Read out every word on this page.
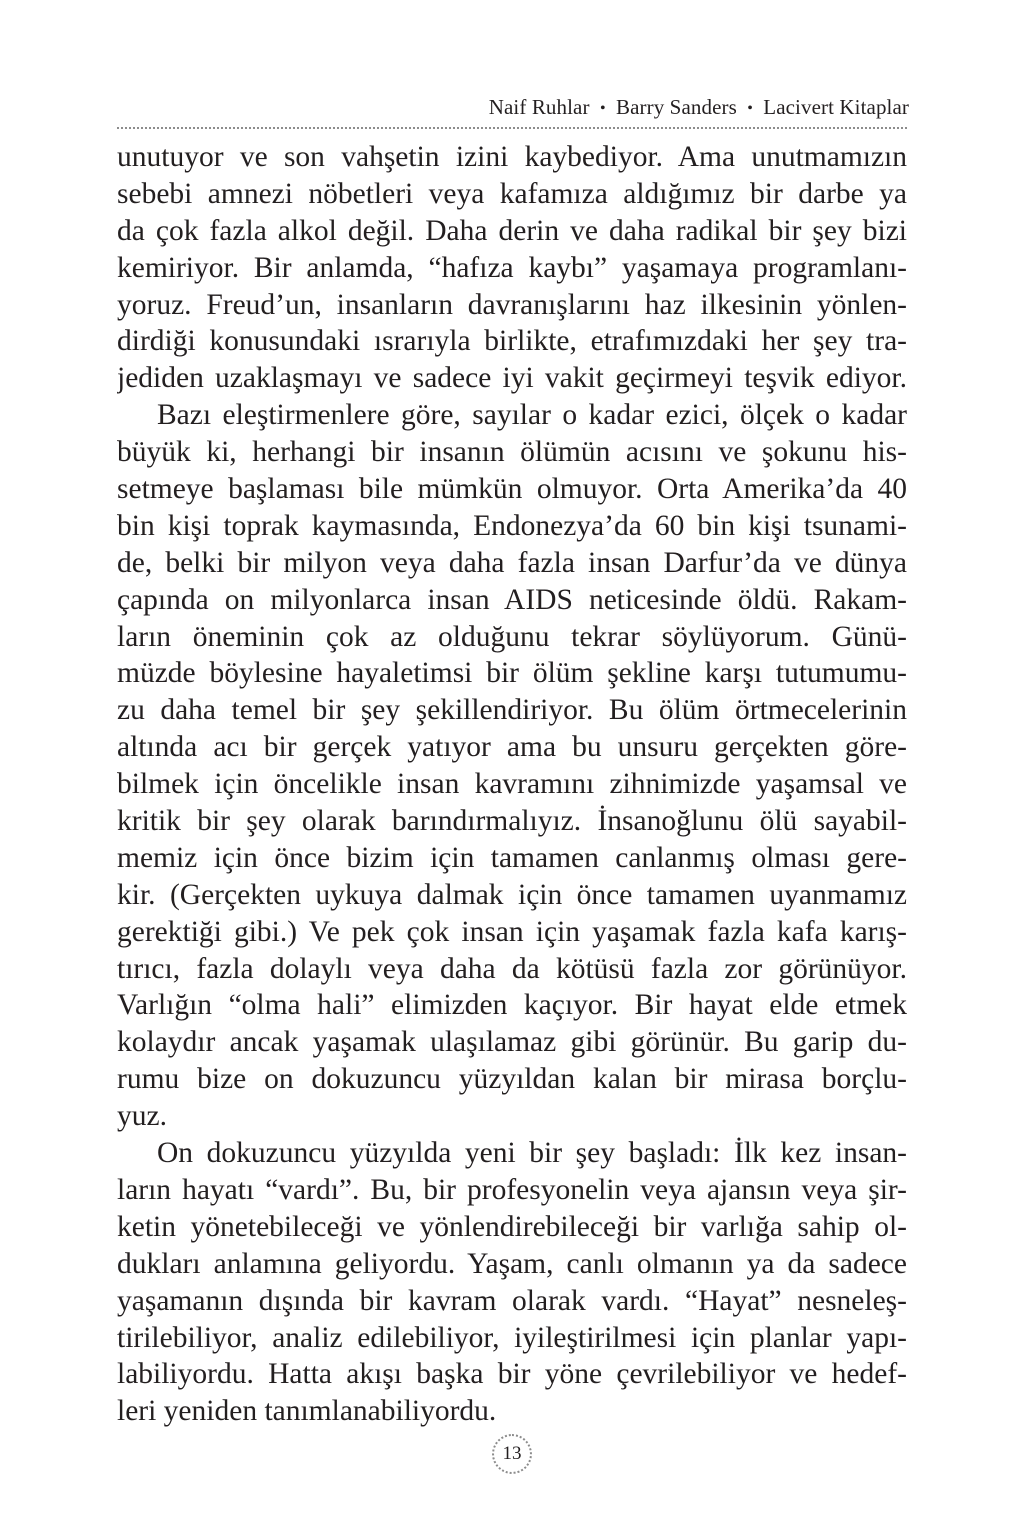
Naif Ruhlar • Barry Sanders • Lacivert Kitaplar
unutuyor ve son vahşetin izini kaybediyor. Ama unutmamızın
sebebi amnezi nöbetleri veya kafamıza aldığımız bir darbe ya
da çok fazla alkol değil. Daha derin ve daha radikal bir şey bizi
kemiriyor. Bir anlamda, “hafıza kaybı” yaşamaya programlanı-
yoruz. Freud’un, insanların davranışlarını haz ilkesinin yönlen-
dirdiği konusundaki ısrarıyla birlikte, etrafımızdaki her şey tra-
jediden uzaklaşmayı ve sadece iyi vakit geçirmeyi teşvik ediyor.
Bazı eleştirmenlere göre, sayılar o kadar ezici, ölçek o kadar
büyük ki, herhangi bir insanın ölümün acısını ve şokunu his-
setmeye başlaması bile mümkün olmuyor. Orta Amerika’da 40
bin kişi toprak kaymasında, Endonezya’da 60 bin kişi tsunami-
de, belki bir milyon veya daha fazla insan Darfur’da ve dünya
çapında on milyonlarca insan AIDS neticesinde öldü. Rakam-
ların öneminin çok az olduğunu tekrar söylüyorum. Günü-
müzde böylesine hayaletimsi bir ölüm şekline karşı tutumumu-
zu daha temel bir şey şekillendiriyor. Bu ölüm örtmecelerinin
altında acı bir gerçek yatıyor ama bu unsuru gerçekten göre-
bilmek için öncelikle insan kavramını zihnimizde yaşamsal ve
kritik bir şey olarak barındırmalıyız. İnsanoğlunu ölü sayabil-
memiz için önce bizim için tamamen canlanmış olması gere-
kir. (Gerçekten uykuya dalmak için önce tamamen uyanmamız
gerektiği gibi.) Ve pek çok insan için yaşamak fazla kafa karış-
tırıcı, fazla dolaylı veya daha da kötüsü fazla zor görünüyor.
Varlığın “olma hali” elimizden kaçıyor. Bir hayat elde etmek
kolaydır ancak yaşamak ulaşılamaz gibi görünür. Bu garip du-
rumu bize on dokuzuncu yüzyıldan kalan bir mirasa borçlu-
yuz.
On dokuzuncu yüzyılda yeni bir şey başladı: İlk kez insan-
ların hayatı “vardı”. Bu, bir profesyonelin veya ajansın veya şir-
ketin yönetebileceği ve yönlendirebileceği bir varlığa sahip ol-
dukları anlamına geliyordu. Yaşam, canlı olmanın ya da sadece
yaşamanın dışında bir kavram olarak vardı. “Hayat” nesneleş-
tirilebiliyor, analiz edilebiliyor, iyileştirilmesi için planlar yapı-
labiliyordu. Hatta akışı başka bir yöne çevrilebiliyor ve hedef-
leri yeniden tanımlanabiliyordu.
13
